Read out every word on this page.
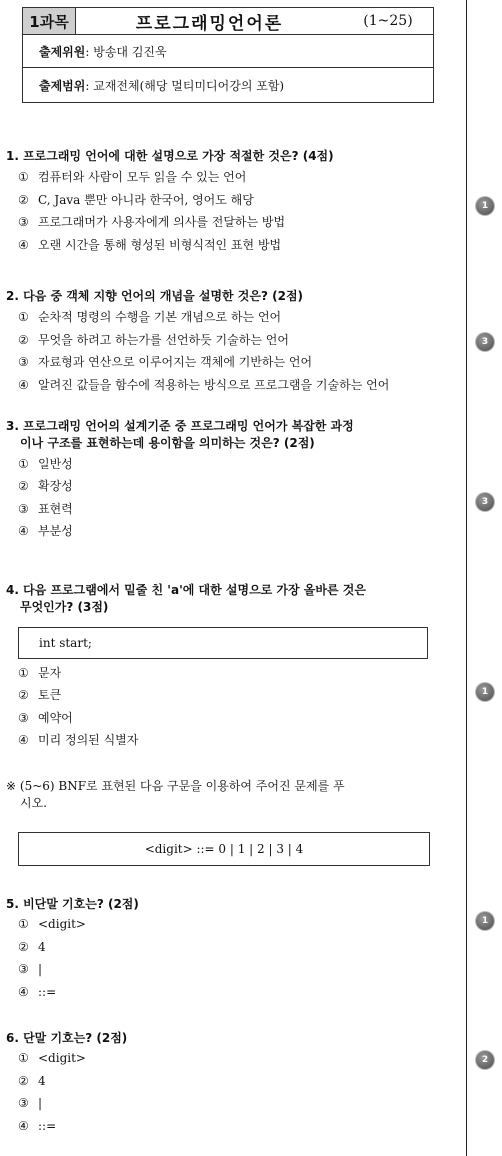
1과목	프로그래밍언어론	(1~25)
출제위원 : 방송대 김진욱
출제범위 : 교재전체(해당 멀티미디어강의 포함)
1. 프로그래밍 언어에 대한 설명으로 가장 적절한 것은? (4점)
① 컴퓨터와 사람이 모두 읽을 수 있는 언어
② C, Java 뿐만 아니라 한국어, 영어도 해당
③ 프로그래머가 사용자에게 의사를 전달하는 방법
④ 오랜 시간을 통해 형성된 비형식적인 표현 방법
1
2. 다음 중 객체 지향 언어의 개념을 설명한 것은? (2점)
① 순차적 명령의 수행을 기본 개념으로 하는 언어
② 무엇을 하려고 하는가를 선언하듯 기술하는 언어
③ 자료형과 연산으로 이루어지는 객체에 기반하는 언어
④ 알려진 값들을 함수에 적용하는 방식으로 프로그램을 기술하는 언어
3
3. 프로그래밍 언어의 설계기준 중 프로그래밍 언어가 복잡한 과정
이나 구조를 표현하는데 용이함을 의미하는 것은? (2점)
① 일반성
② 확장성
③ 표현력
④ 부분성
3
4. 다음 프로그램에서 밑줄 친 'a'에 대한 설명으로 가장 올바른 것은
무엇인가? (3점)
int start;
① 문자
② 토큰
③ 예약어
④ 미리 정의된 식별자
1
※ (5~6) BNF로 표현된 다음 구문을 이용하여 주어진 문제를 푸
시오.
<digit> ::= 0 | 1 | 2 | 3 | 4
5. 비단말 기호는? (2점)
① <digit>
② 4
③ |
④ ::=
1
6. 단말 기호는? (2점)
① <digit>
② 4
③ |
④ ::=
2
